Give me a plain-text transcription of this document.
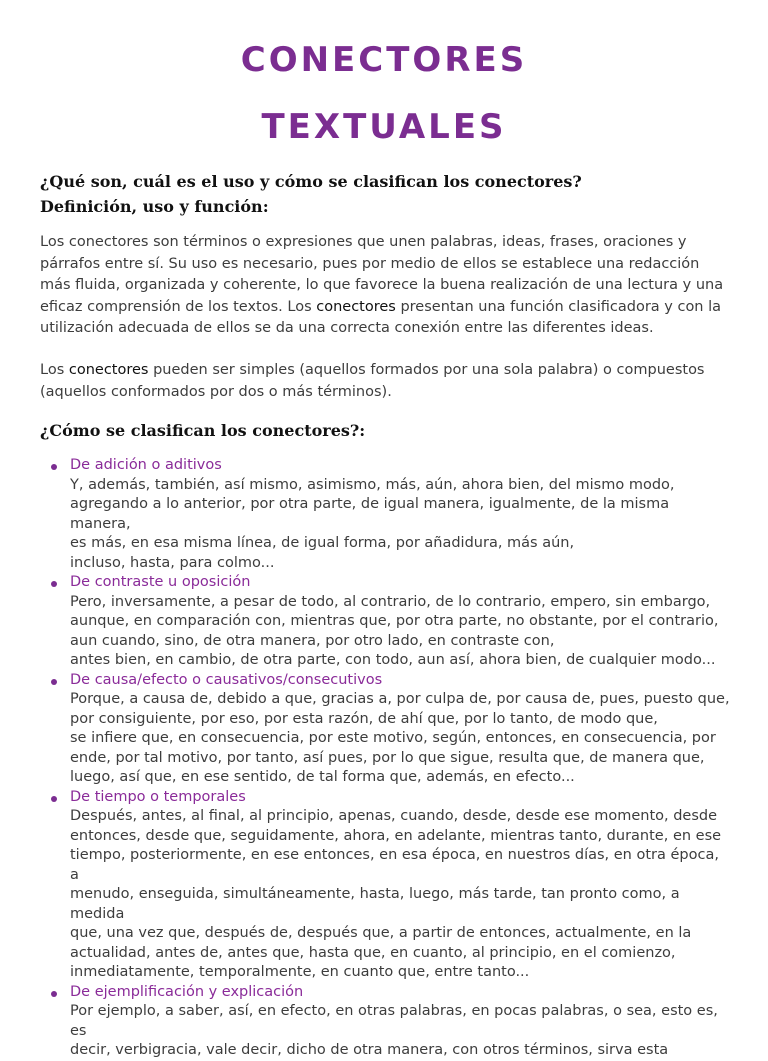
CONECTORES
TEXTUALES
¿Qué son, cuál es el uso y cómo se clasifican los conectores?
Definición, uso y función:
Los conectores son términos o expresiones que unen palabras, ideas, frases, oraciones y párrafos entre sí. Su uso es necesario, pues por medio de ellos se establece una redacción más fluida, organizada y coherente, lo que favorece la buena realización de una lectura y una eficaz comprensión de los textos. Los conectores presentan una función clasificadora y con la utilización adecuada de ellos se da una correcta conexión entre las diferentes ideas.
Los conectores pueden ser simples (aquellos formados por una sola palabra) o compuestos (aquellos conformados por dos o más términos).
¿Cómo se clasifican los conectores?:
De adición o aditivos
Y, además, también, así mismo, asimismo, más, aún, ahora bien, del mismo modo,
agregando a lo anterior, por otra parte, de igual manera, igualmente, de la misma manera,
es más, en esa misma línea, de igual forma, por añadidura, más aún,
incluso, hasta, para colmo...
De contraste u oposición
Pero, inversamente, a pesar de todo, al contrario, de lo contrario, empero, sin embargo,
aunque, en comparación con, mientras que, por otra parte, no obstante, por el contrario,
aun cuando, sino, de otra manera, por otro lado, en contraste con,
antes bien, en cambio, de otra parte, con todo, aun así, ahora bien, de cualquier modo...
De causa/efecto o causativos/consecutivos
Porque, a causa de, debido a que, gracias a, por culpa de, por causa de, pues, puesto que,
por consiguiente, por eso, por esta razón, de ahí que, por lo tanto, de modo que,
se infiere que, en consecuencia, por este motivo, según, entonces, en consecuencia, por
ende, por tal motivo, por tanto, así pues, por lo que sigue, resulta que, de manera que,
luego, así que, en ese sentido, de tal forma que, además, en efecto...
De tiempo o temporales
Después, antes, al final, al principio, apenas, cuando, desde, desde ese momento, desde
entonces, desde que, seguidamente, ahora, en adelante, mientras tanto, durante, en ese
tiempo, posteriormente, en ese entonces, en esa época, en nuestros días, en otra época, a
menudo, enseguida, simultáneamente, hasta, luego, más tarde, tan pronto como, a medida
que, una vez que, después de, después que, a partir de entonces, actualmente, en la
actualidad, antes de, antes que, hasta que, en cuanto, al principio, en el comienzo,
inmediatamente, temporalmente, en cuanto que, entre tanto...
De ejemplificación y explicación
Por ejemplo, a saber, así, en efecto, en otras palabras, en pocas palabras, o sea, esto es, es
decir, verbigracia, vale decir, dicho de otra manera, con otros términos, sirva esta
